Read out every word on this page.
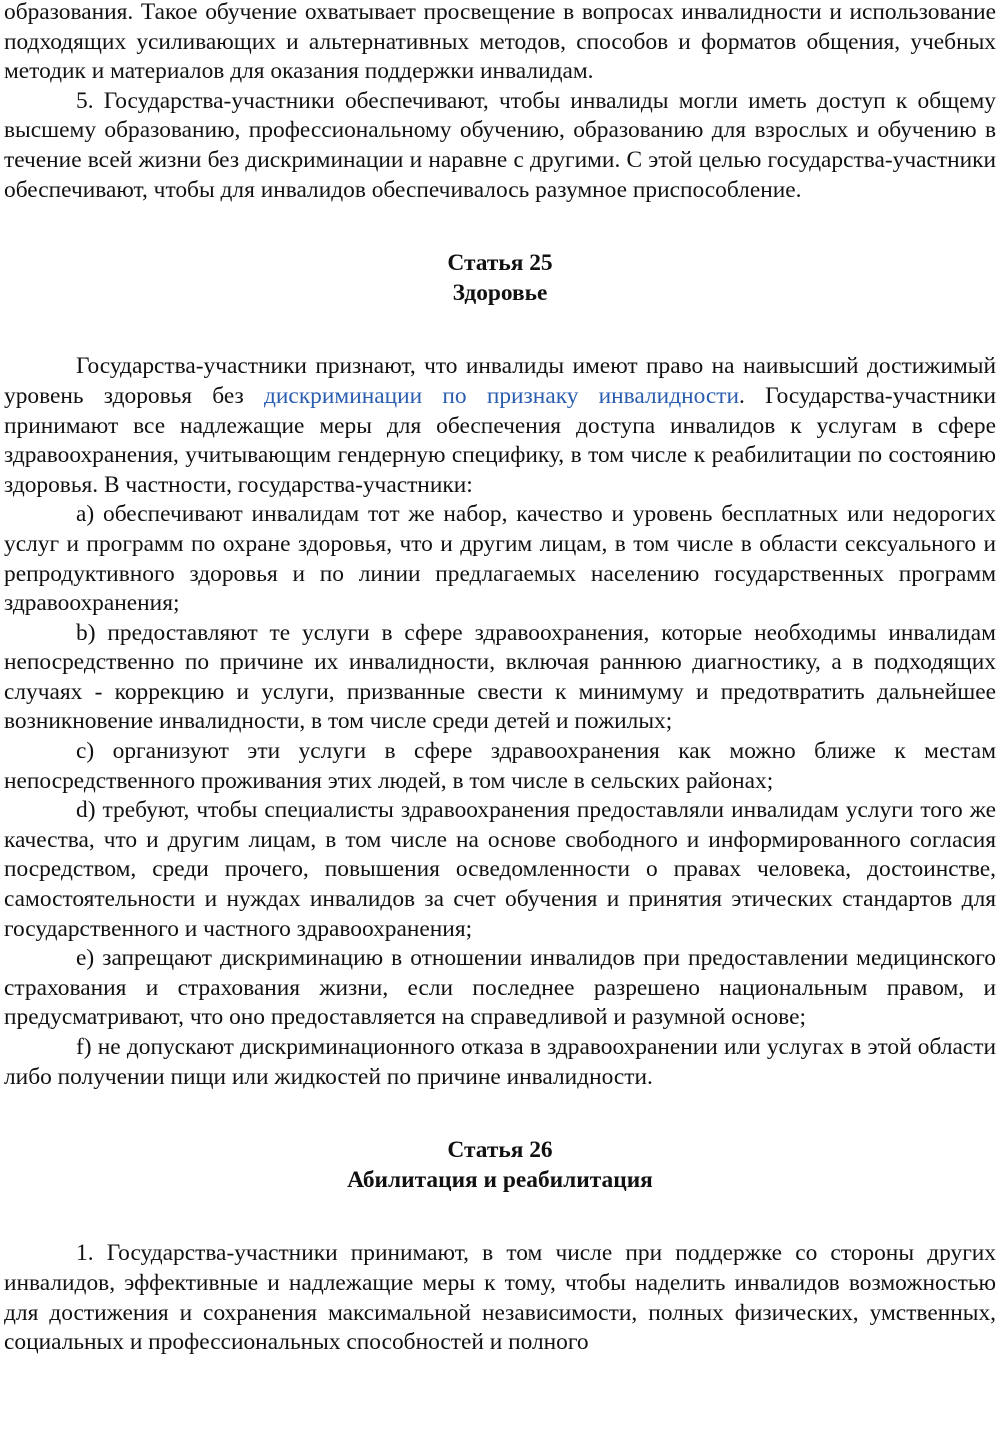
образования. Такое обучение охватывает просвещение в вопросах инвалидности и использование подходящих усиливающих и альтернативных методов, способов и форматов общения, учебных методик и материалов для оказания поддержки инвалидам.

5. Государства-участники обеспечивают, чтобы инвалиды могли иметь доступ к общему высшему образованию, профессиональному обучению, образованию для взрослых и обучению в течение всей жизни без дискриминации и наравне с другими. С этой целью государства-участники обеспечивают, чтобы для инвалидов обеспечивалось разумное приспособление.

Статья 25
Здоровье

Государства-участники признают, что инвалиды имеют право на наивысший достижимый уровень здоровья без дискриминации по признаку инвалидности. Государства-участники принимают все надлежащие меры для обеспечения доступа инвалидов к услугам в сфере здравоохранения, учитывающим гендерную специфику, в том числе к реабилитации по состоянию здоровья. В частности, государства-участники:

a) обеспечивают инвалидам тот же набор, качество и уровень бесплатных или недорогих услуг и программ по охране здоровья, что и другим лицам, в том числе в области сексуального и репродуктивного здоровья и по линии предлагаемых населению государственных программ здравоохранения;

b) предоставляют те услуги в сфере здравоохранения, которые необходимы инвалидам непосредственно по причине их инвалидности, включая раннюю диагностику, а в подходящих случаях - коррекцию и услуги, призванные свести к минимуму и предотвратить дальнейшее возникновение инвалидности, в том числе среди детей и пожилых;

c) организуют эти услуги в сфере здравоохранения как можно ближе к местам непосредственного проживания этих людей, в том числе в сельских районах;

d) требуют, чтобы специалисты здравоохранения предоставляли инвалидам услуги того же качества, что и другим лицам, в том числе на основе свободного и информированного согласия посредством, среди прочего, повышения осведомленности о правах человека, достоинстве, самостоятельности и нуждах инвалидов за счет обучения и принятия этических стандартов для государственного и частного здравоохранения;

e) запрещают дискриминацию в отношении инвалидов при предоставлении медицинского страхования и страхования жизни, если последнее разрешено национальным правом, и предусматривают, что оно предоставляется на справедливой и разумной основе;

f) не допускают дискриминационного отказа в здравоохранении или услугах в этой области либо получении пищи или жидкостей по причине инвалидности.

Статья 26
Абилитация и реабилитация

1. Государства-участники принимают, в том числе при поддержке со стороны других инвалидов, эффективные и надлежащие меры к тому, чтобы наделить инвалидов возможностью для достижения и сохранения максимальной независимости, полных физических, умственных, социальных и профессиональных способностей и полного
